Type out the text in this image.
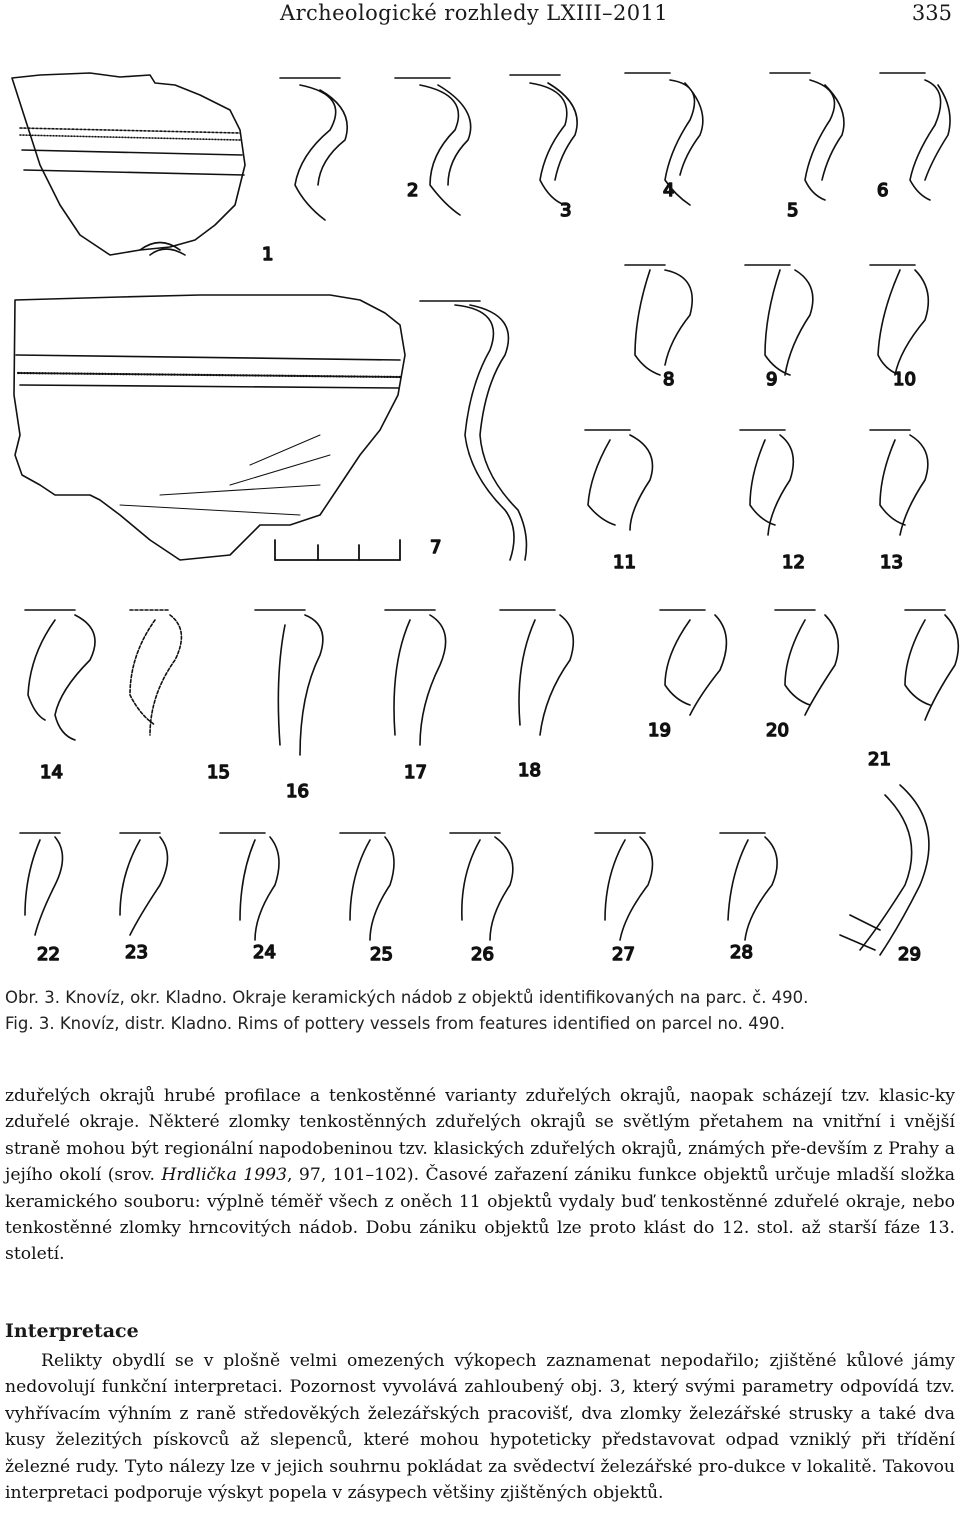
Archeologické rozhledy LXIII–2011	335
1
2
3
4
5
6
7
8	9	10
11	12	13
14	15
16
17	18
19	20
21
22	23	24	25	26	27	28	29
Obr. 3. Knovíz, okr. Kladno. Okraje keramických nádob z objektů identifikovaných na parc. č. 490.
Fig. 3. Knovíz, distr. Kladno. Rims of pottery vessels from features identified on parcel no. 490.

zduřelých okrajů hrubé profilace a tenkostěnné varianty zduřelých okrajů, naopak scházejí tzv. klasic-ky zduřelé okraje. Některé zlomky tenkostěnných zduřelých okrajů se světlým přetahem na vnitřní i vnější straně mohou být regionální napodobeninou tzv. klasických zduřelých okrajů, známých pře-devším z Prahy a jejího okolí (srov. Hrdlička 1993, 97, 101–102). Časové zařazení zániku funkce objektů určuje mladší složka keramického souboru: výplně téměř všech z oněch 11 objektů vydaly buď tenkostěnné zduřelé okraje, nebo tenkostěnné zlomky hrncovitých nádob. Dobu zániku objektů lze proto klást do 12. stol. až starší fáze 13. století.

Interpretace

Relikty obydlí se v plošně velmi omezených výkopech zaznamenat nepodařilo; zjištěné kůlové jámy nedovolují funkční interpretaci. Pozornost vyvolává zahloubený obj. 3, který svými parametry odpovídá tzv. vyhřívacím výhním z raně středověkých železářských pracovišť, dva zlomky železářské strusky a také dva kusy železitých pískovců až slepenců, které mohou hypoteticky představovat odpad vzniklý při třídění železné rudy. Tyto nálezy lze v jejich souhrnu pokládat za svědectví železářské pro-dukce v lokalitě. Takovou interpretaci podporuje výskyt popela v zásypech většiny zjištěných objektů.
